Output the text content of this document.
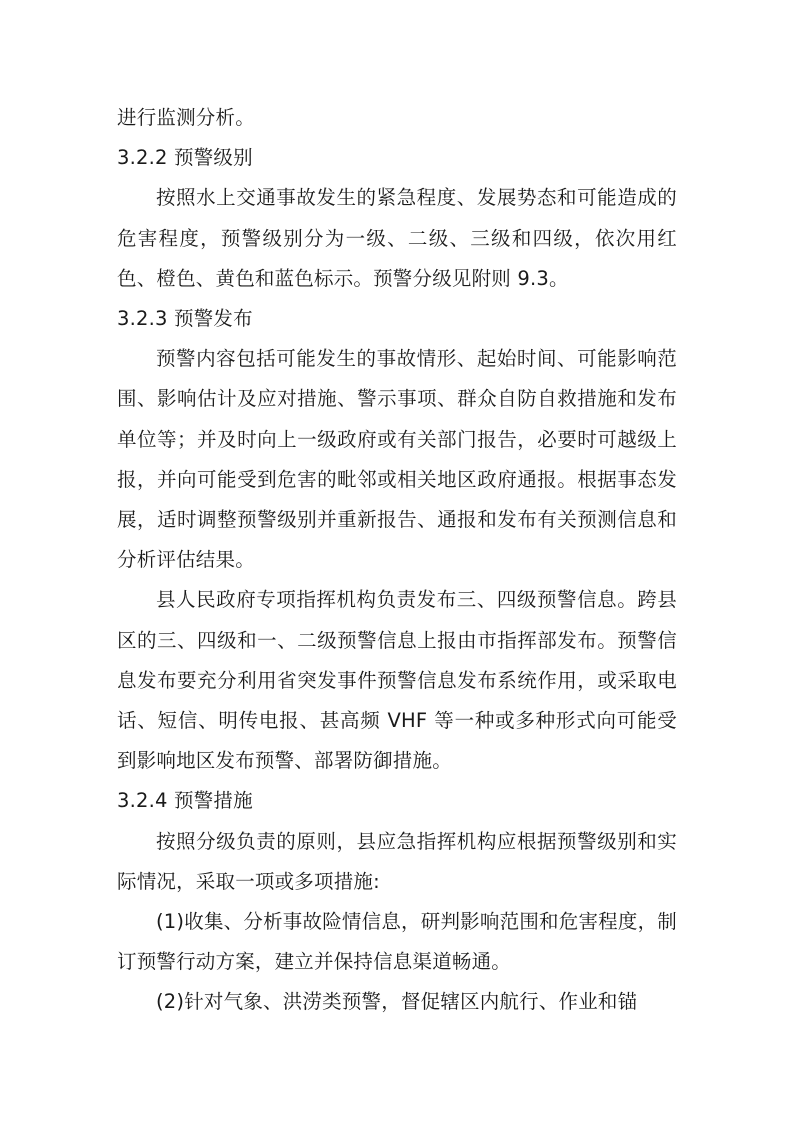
进行监测分析。

3.2.2 预警级别

按照水上交通事故发生的紧急程度、发展势态和可能造成的危害程度，预警级别分为一级、二级、三级和四级，依次用红色、橙色、黄色和蓝色标示。预警分级见附则 9.3。

3.2.3 预警发布

预警内容包括可能发生的事故情形、起始时间、可能影响范围、影响估计及应对措施、警示事项、群众自防自救措施和发布单位等；并及时向上一级政府或有关部门报告，必要时可越级上报，并向可能受到危害的毗邻或相关地区政府通报。根据事态发展，适时调整预警级别并重新报告、通报和发布有关预测信息和分析评估结果。

县人民政府专项指挥机构负责发布三、四级预警信息。跨县区的三、四级和一、二级预警信息上报由市指挥部发布。预警信息发布要充分利用省突发事件预警信息发布系统作用，或采取电话、短信、明传电报、甚高频 VHF 等一种或多种形式向可能受到影响地区发布预警、部署防御措施。

3.2.4 预警措施

按照分级负责的原则，县应急指挥机构应根据预警级别和实际情况，采取一项或多项措施:

(1)收集、分析事故险情信息，研判影响范围和危害程度，制订预警行动方案，建立并保持信息渠道畅通。

(2)针对气象、洪涝类预警，督促辖区内航行、作业和锚
